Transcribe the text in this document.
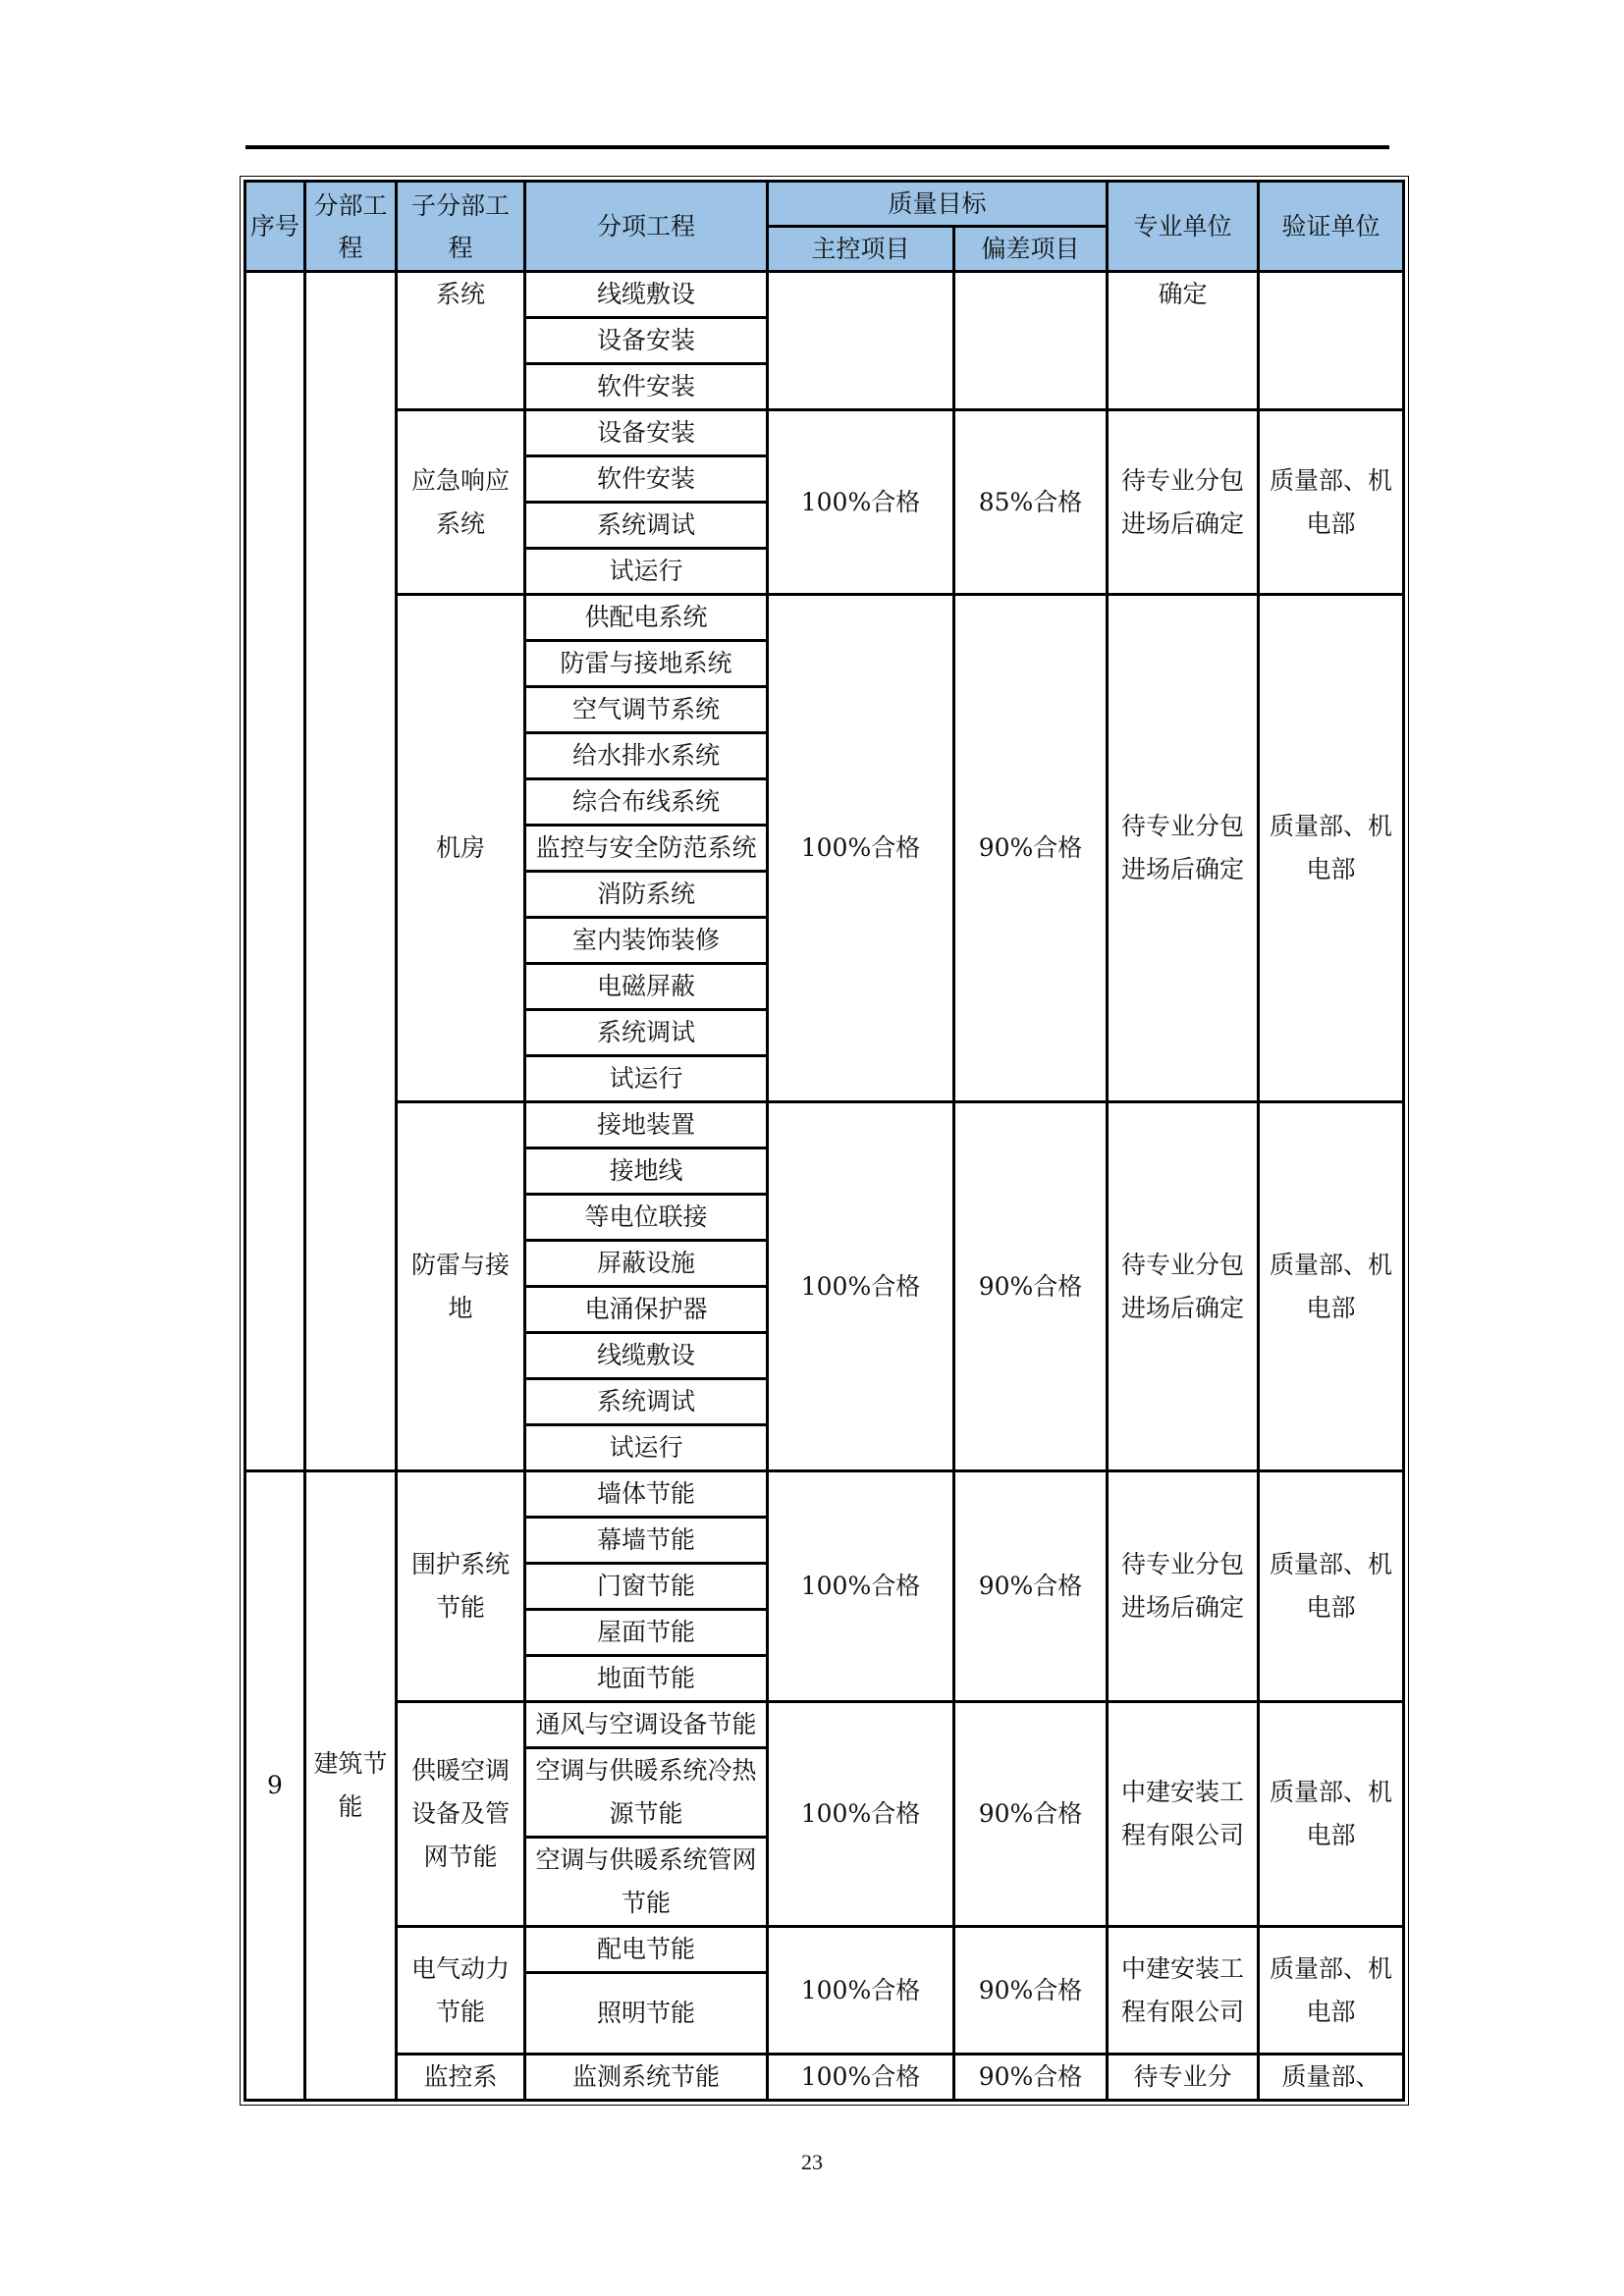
序号	分部工程	子分部工程	分项工程	质量目标		专业单位	验证单位
				主控项目	偏差项目		
		系统	线缆敷设			确定	
			设备安装				
			软件安装				
		应急响应系统	设备安装	100%合格	85%合格	待专业分包进场后确定	质量部、机电部
			软件安装				
			系统调试				
			试运行				
		机房	供配电系统	100%合格	90%合格	待专业分包进场后确定	质量部、机电部
			防雷与接地系统				
			空气调节系统				
			给水排水系统				
			综合布线系统				
			监控与安全防范系统				
			消防系统				
			室内装饰装修				
			电磁屏蔽				
			系统调试				
			试运行				
		防雷与接地	接地装置	100%合格	90%合格	待专业分包进场后确定	质量部、机电部
			接地线				
			等电位联接				
			屏蔽设施				
			电涌保护器				
			线缆敷设				
			系统调试				
			试运行				
9	建筑节能	围护系统节能	墙体节能	100%合格	90%合格	待专业分包进场后确定	质量部、机电部
			幕墙节能				
			门窗节能				
			屋面节能				
			地面节能				
		供暖空调设备及管网节能	通风与空调设备节能	100%合格	90%合格	中建安装工程有限公司	质量部、机电部
			空调与供暖系统冷热源节能				
			空调与供暖系统管网节能				
		电气动力节能	配电节能	100%合格	90%合格	中建安装工程有限公司	质量部、机电部
			照明节能				
		监控系	监测系统节能	100%合格	90%合格	待专业分	质量部、
23
